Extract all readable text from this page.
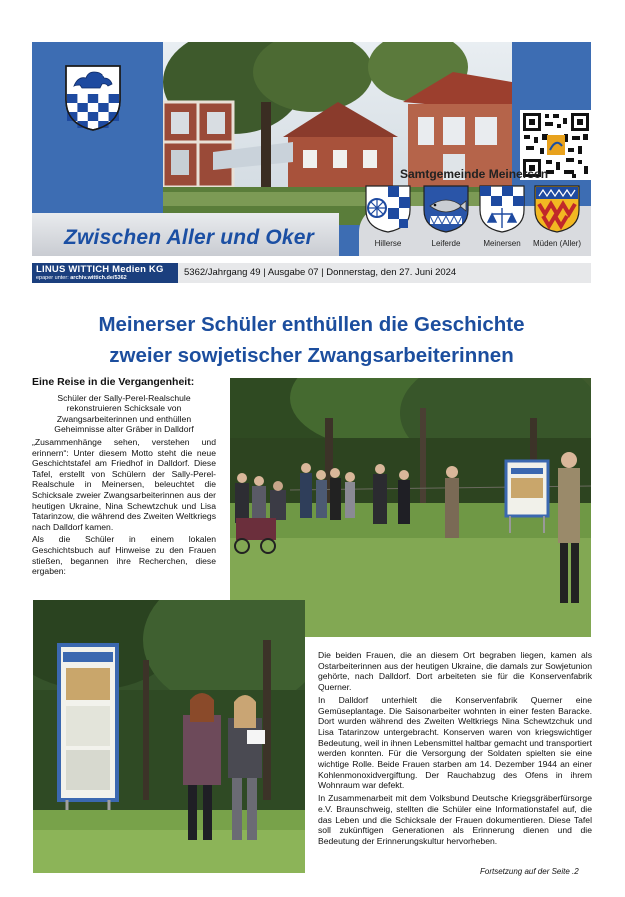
Zwischen Aller und Oker
Samtgemeinde Meinersen
Hillerse	Leiferde	Meinersen	Müden (Aller)
LINUS WITTICH Medien KG
epaper unter: archiv.wittich.de/5362	5362/Jahrgang 49 | Ausgabe 07 | Donnerstag, den 27. Juni 2024
Meinerser Schüler enthüllen die Geschichte
zweier sowjetischer Zwangsarbeiterinnen

Eine Reise in die Vergangenheit:

Schüler der Sally-Perel-Realschule rekonstruieren Schicksale von Zwangsarbeiterinnen und enthüllen Geheimnisse alter Gräber in Dalldorf

„Zusammenhänge sehen, verstehen und erinnern“: Unter diesem Motto steht die neue Geschichtstafel am Friedhof in Dalldorf. Diese Tafel, erstellt von Schülern der Sally-Perel-Realschule in Meinersen, beleuchtet die Schicksale zweier Zwangsarbeiterinnen aus der heutigen Ukraine, Nina Schewtzchuk und Lisa Tatarinzow, die während des Zweiten Weltkriegs nach Dalldorf kamen.

Als die Schüler in einem lokalen Geschichtsbuch auf Hinweise zu den Frauen stießen, begannen ihre Recherchen, diese ergaben:

Die beiden Frauen, die an diesem Ort begraben liegen, kamen als Ostarbeiterinnen aus der heutigen Ukraine, die damals zur Sowjetunion gehörte, nach Dalldorf. Dort arbeiteten sie für die Konservenfabrik Querner.

In Dalldorf unterhielt die Konservenfabrik Querner eine Gemüseplantage. Die Saisonarbeiter wohnten in einer festen Baracke. Dort wurden während des Zweiten Weltkriegs Nina Schewtzchuk und Lisa Tatarinzow untergebracht. Konserven waren von kriegswichtiger Bedeutung, weil in ihnen Lebensmittel haltbar gemacht und transportiert werden konnten. Für die Versorgung der Soldaten spielten sie eine wichtige Rolle. Beide Frauen starben am 14. Dezember 1944 an einer Kohlenmonoxidvergiftung. Der Rauchabzug des Ofens in ihrem Wohnraum war defekt.

In Zusammenarbeit mit dem Volksbund Deutsche Kriegsgräberfürsorge e.V. Braunschweig, stellten die Schüler eine Informationstafel auf, die das Leben und die Schicksale der Frauen dokumentieren. Diese Tafel soll zukünftigen Generationen als Erinnerung dienen und die Bedeutung der Erinnerungskultur hervorheben.

Fortsetzung auf der Seite .2
